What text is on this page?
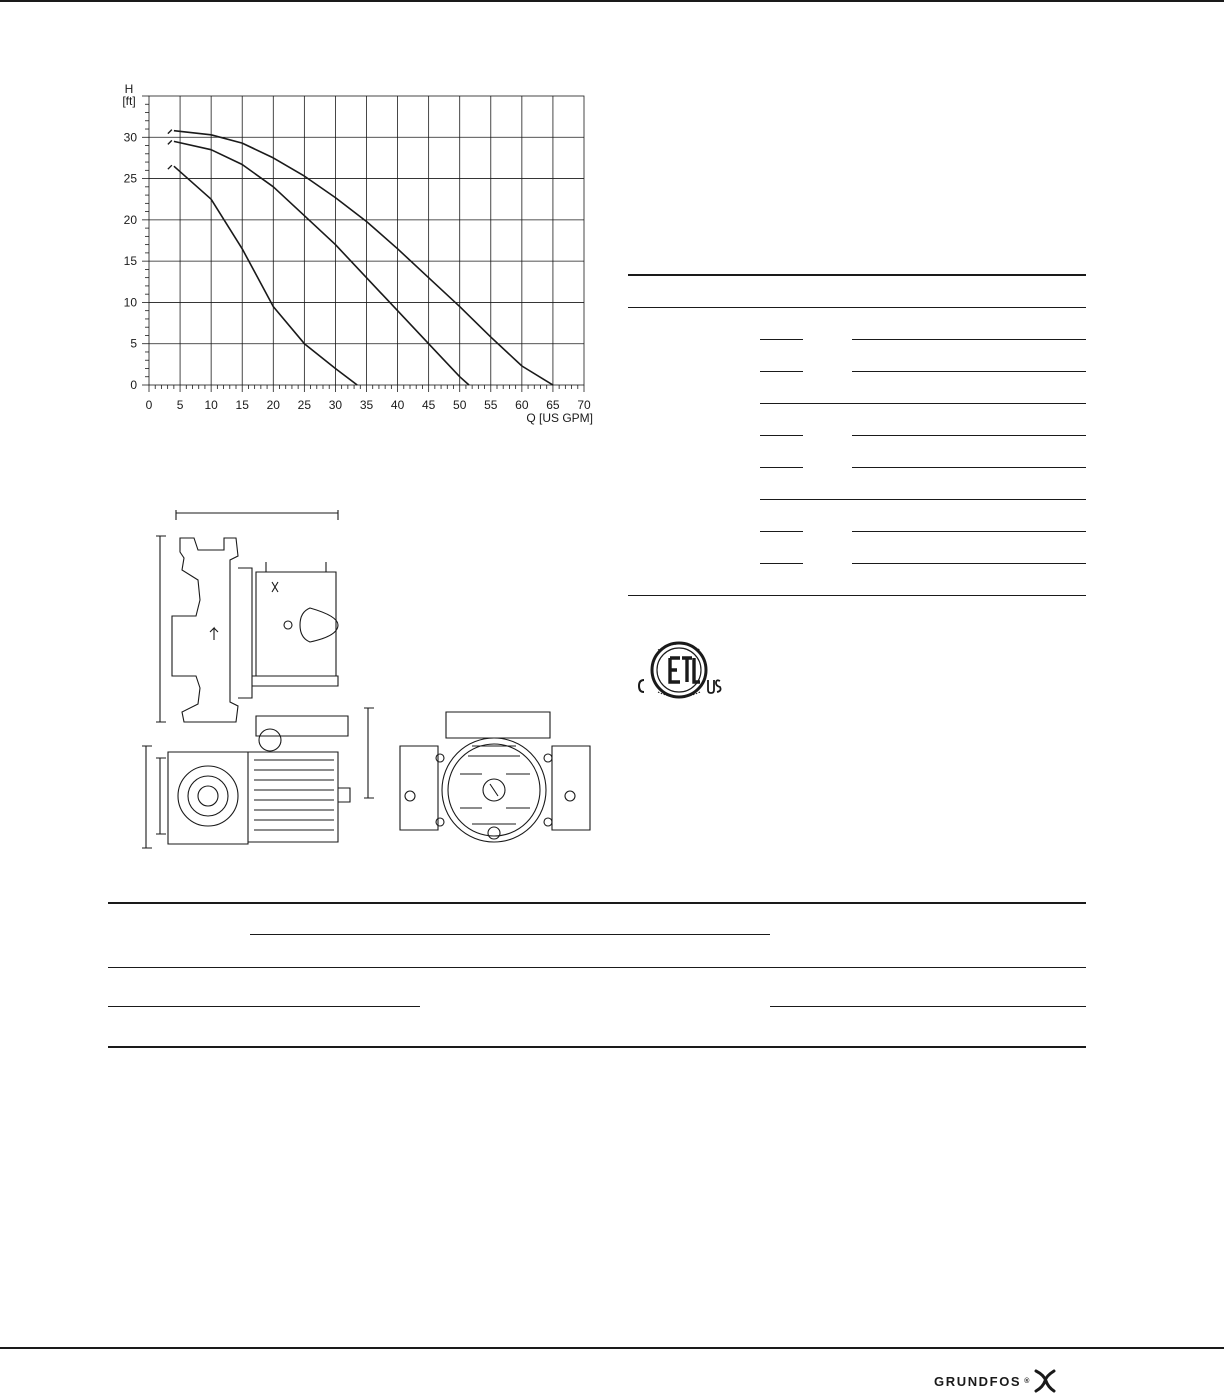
0 5 10 15 20 25 30 35 40 45 50 55 60 65 70
0
5
10
15
20
25
30
H
[ft]
Q [US GPM]
GRUNDFOS ®
